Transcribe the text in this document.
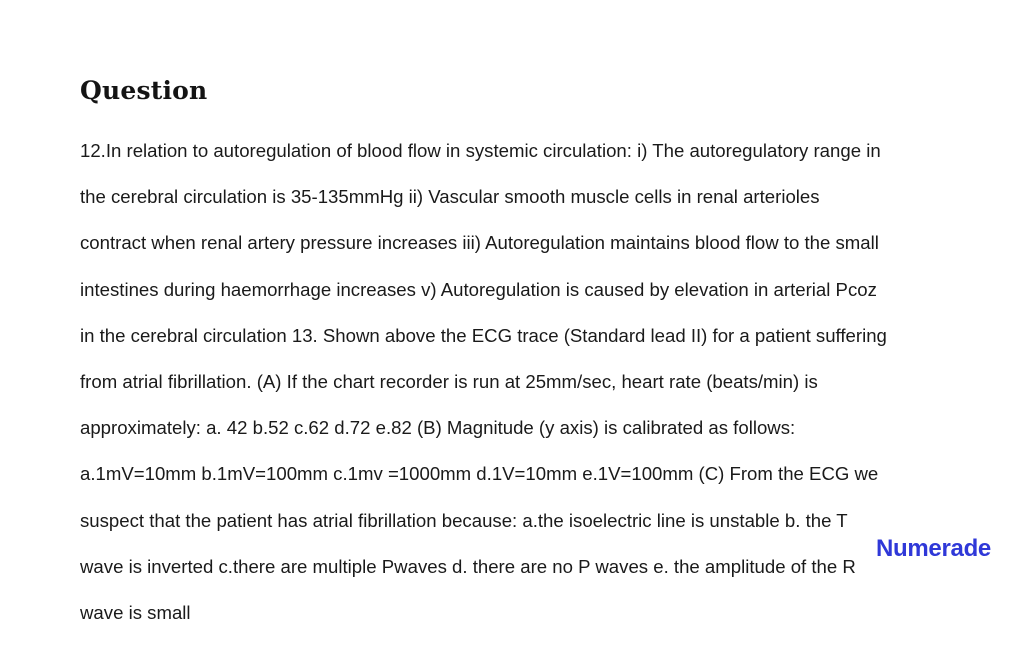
Question

12.In relation to autoregulation of blood flow in systemic circulation: i) The autoregulatory range in

the cerebral circulation is 35-135mmHg ii) Vascular smooth muscle cells in renal arterioles

contract when renal artery pressure increases iii) Autoregulation maintains blood flow to the small

intestines during haemorrhage increases v) Autoregulation is caused by elevation in arterial Pcoz

in the cerebral circulation 13. Shown above the ECG trace (Standard lead II) for a patient suffering

from atrial fibrillation. (A) If the chart recorder is run at 25mm/sec, heart rate (beats/min) is

approximately: a. 42 b.52 c.62 d.72 e.82 (B) Magnitude (y axis) is calibrated as follows:

a.1mV=10mm b.1mV=100mm c.1mv =1000mm d.1V=10mm e.1V=100mm (C) From the ECG we

suspect that the patient has atrial fibrillation because: a.the isoelectric line is unstable b. the T

wave is inverted c.there are multiple Pwaves d. there are no P waves e. the amplitude of the R

wave is small

Numerade
